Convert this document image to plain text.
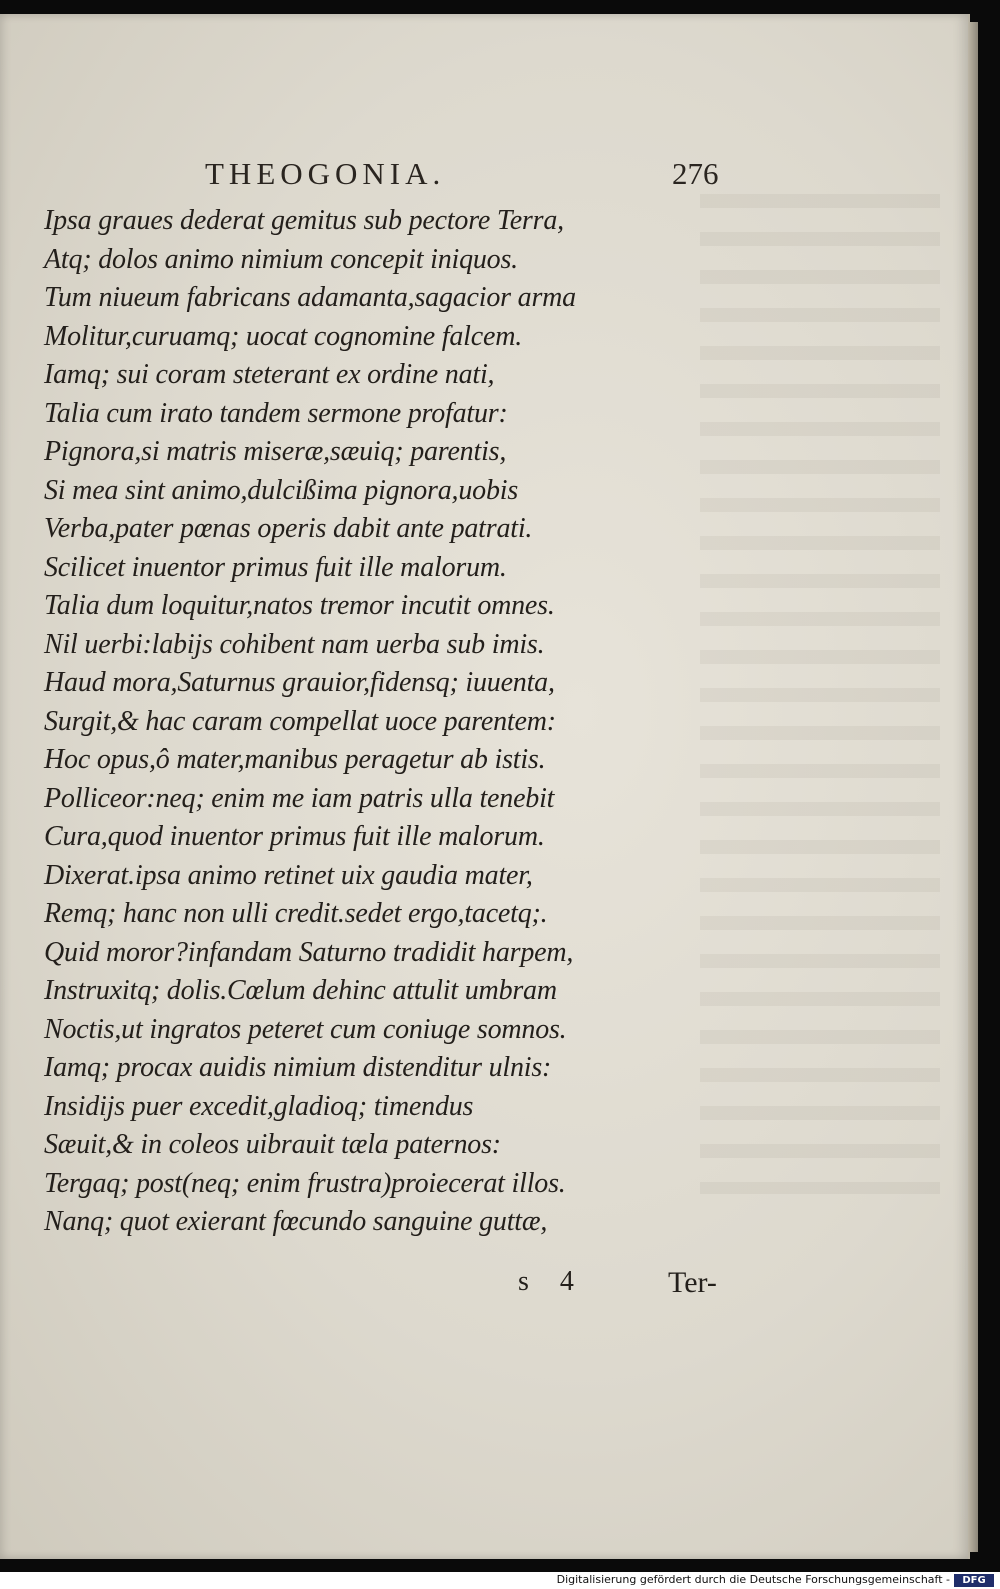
THEOGONIA.	276
Ipsa graues dederat gemitus sub pectore Terra,
Atq; dolos animo nimium concepit iniquos.
Tum niueum fabricans adamanta,sagacior arma
Molitur,curuamq; uocat cognomine falcem.
Iamq; sui coram steterant ex ordine nati,
Talia cum irato tandem sermone profatur:
Pignora,si matris miseræ,sæuiq; parentis,
Si mea sint animo,dulcißima pignora,uobis
Verba,pater pœnas operis dabit ante patrati.
Scilicet inuentor primus fuit ille malorum.
Talia dum loquitur,natos tremor incutit omnes.
Nil uerbi:labijs cohibent nam uerba sub imis.
Haud mora,Saturnus grauior,fidensq; iuuenta,
Surgit,& hac caram compellat uoce parentem:
Hoc opus,ô mater,manibus peragetur ab istis.
Polliceor:neq; enim me iam patris ulla tenebit
Cura,quod inuentor primus fuit ille malorum.
Dixerat.ipsa animo retinet uix gaudia mater,
Remq; hanc non ulli credit.sedet ergo,tacetq;.
Quid moror?infandam Saturno tradidit harpem,
Instruxitq; dolis.Cœlum dehinc attulit umbram
Noctis,ut ingratos peteret cum coniuge somnos.
Iamq; procax auidis nimium distenditur ulnis:
Insidijs puer excedit,gladioq; timendus
Sæuit,& in coleos uibrauit tæla paternos:
Tergaq; post(neq; enim frustra)proiecerat illos.
Nanq; quot exierant fœcundo sanguine guttæ,
s 4	Ter-
Digitalisierung gefördert durch die Deutsche Forschungsgemeinschaft -	DFG
